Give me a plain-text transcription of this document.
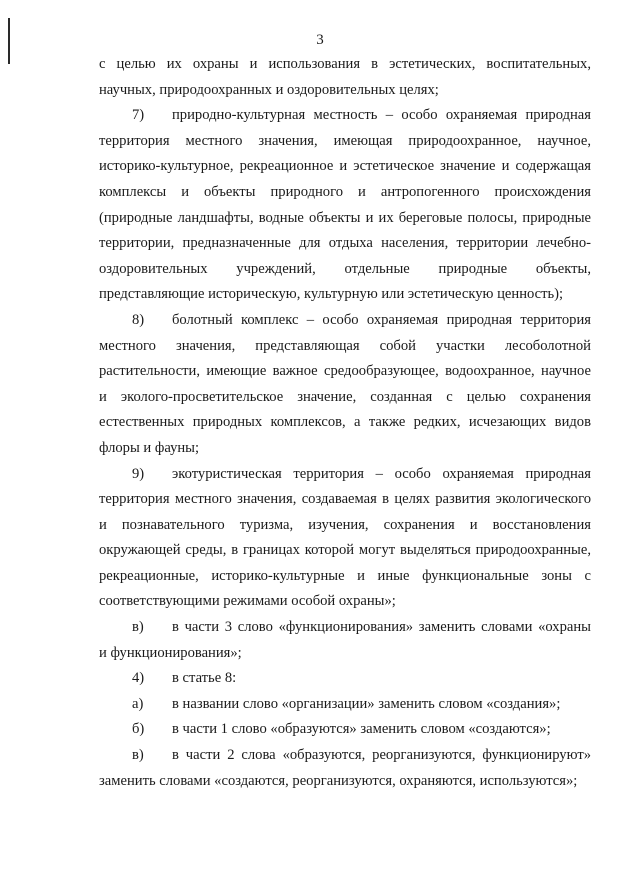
3
с целью их охраны и использования в эстетических, воспитательных,
научных, природоохранных и оздоровительных целях;
7) природно-культурная местность – особо охраняемая природная
территория местного значения, имеющая природоохранное, научное,
историко-культурное, рекреационное и эстетическое значение и содержащая
комплексы и объекты природного и антропогенного происхождения
(природные ландшафты, водные объекты и их береговые полосы, природные
территории, предназначенные для отдыха населения, территории лечебно-
оздоровительных учреждений, отдельные природные объекты,
представляющие историческую, культурную или эстетическую ценность);
8) болотный комплекс – особо охраняемая природная территория
местного значения, представляющая собой участки лесоболотной
растительности, имеющие важное средообразующее, водоохранное, научное
и эколого-просветительское значение, созданная с целью сохранения
естественных природных комплексов, а также редких, исчезающих видов
флоры и фауны;
9) экотуристическая территория – особо охраняемая природная
территория местного значения, создаваемая в целях развития экологического
и познавательного туризма, изучения, сохранения и восстановления
окружающей среды, в границах которой могут выделяться природоохранные,
рекреационные, историко-культурные и иные функциональные зоны с
соответствующими режимами особой охраны»;
в) в части 3 слово «функционирования» заменить словами «охраны
и функционирования»;
4) в статье 8:
а) в названии слово «организации» заменить словом «создания»;
б) в части 1 слово «образуются» заменить словом «создаются»;
в) в части 2 слова «образуются, реорганизуются, функционируют»
заменить словами «создаются, реорганизуются, охраняются, используются»;
